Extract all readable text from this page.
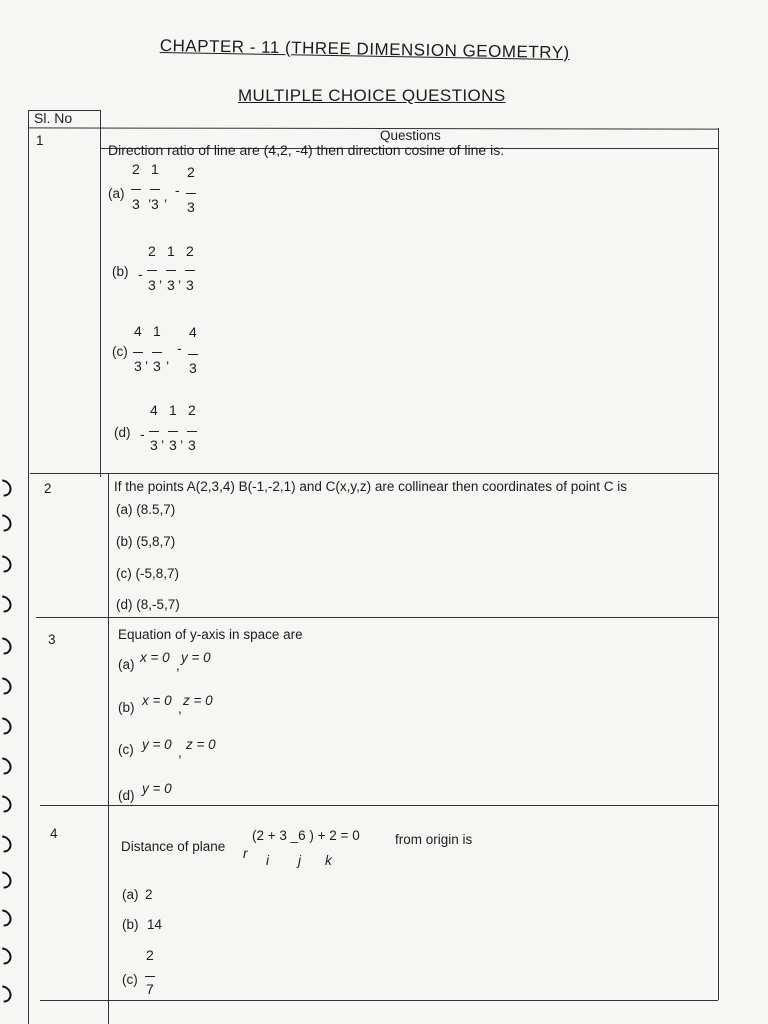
CHAPTER - 11 (THREE DIMENSION GEOMETRY)
MULTIPLE CHOICE QUESTIONS
Sl. No
Questions
1
Direction ratio of line are (4,2, -4) then direction cosine of line is:
(a)
2
3
1
’ 3 ’
-
2
3
(b) -
2
3 ’
1
3 ’
2
3
(c)
4
3 ’
1
3 ’
-
4
3
(d) -
4
3 ’
1
3 ’
2
3
2	If the points A(2,3,4) B(-1,-2,1) and C(x,y,z) are collinear then coordinates of point C is
(a) (8.5,7)
(b) (5,8,7)
(c) (-5,8,7)
(d) (8,-5,7)
3	Equation of y-axis in space are
(a) x = 0
,
y = 0
(b) x = 0
,
z = 0
(c) y = 0
,
z = 0
(d) y = 0
4
Distance of plane r
(2 + 3 _6 ) + 2 = 0
i j k
from origin is
(a) 2
(b) 14
(c)
2
7
